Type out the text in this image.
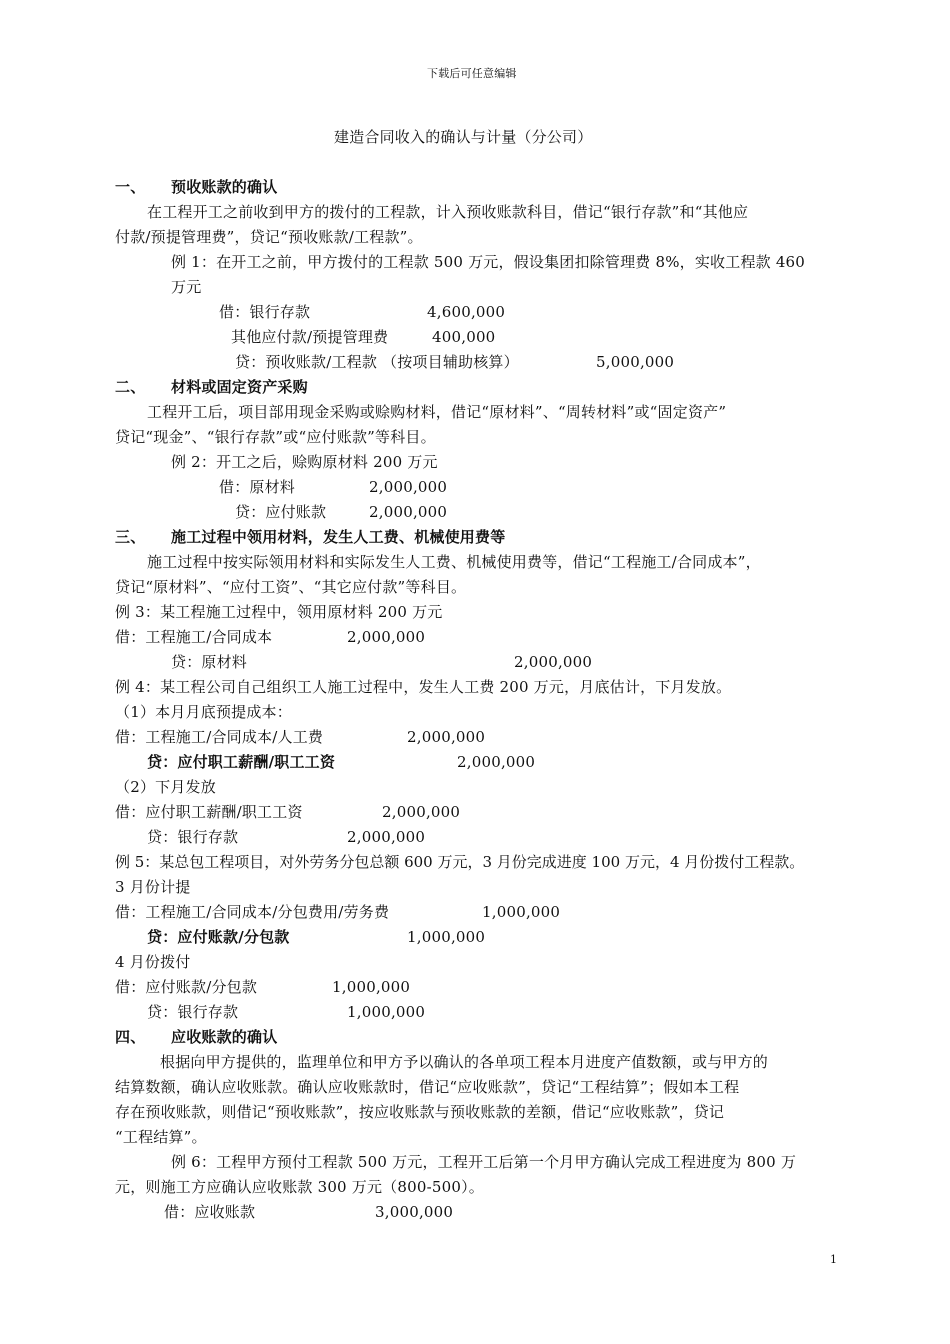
下载后可任意编辑
建造合同收入的确认与计量（分公司）
一、 预收账款的确认
在工程开工之前收到甲方的拨付的工程款，计入预收账款科目，借记“银行存款”和“其他应
付款/预提管理费”，贷记“预收账款/工程款”。
例 1：在开工之前，甲方拨付的工程款 500 万元，假设集团扣除管理费 8%，实收工程款 460
万元
借：银行存款	4,600,000
其他应付款/预提管理费	400,000
贷：预收账款/工程款 （按项目辅助核算）	5,000,000
二、 材料或固定资产采购
工程开工后，项目部用现金采购或赊购材料，借记“原材料”、“周转材料”或“固定资产”
贷记“现金”、“银行存款”或“应付账款”等科目。
例 2：开工之后，赊购原材料 200 万元
借：原材料	2,000,000
贷：应付账款	2,000,000
三、 施工过程中领用材料，发生人工费、机械使用费等
施工过程中按实际领用材料和实际发生人工费、机械使用费等，借记“工程施工/合同成本”，
贷记“原材料”、“应付工资”、“其它应付款”等科目。
例 3：某工程施工过程中，领用原材料 200 万元
借：工程施工/合同成本	2,000,000
贷：原材料	2,000,000
例 4：某工程公司自己组织工人施工过程中，发生人工费 200 万元，月底估计，下月发放。
（1）本月月底预提成本：
借：工程施工/合同成本/人工费	2,000,000
贷：应付职工薪酬/职工工资	2,000,000
（2）下月发放
借：应付职工薪酬/职工工资	2,000,000
贷：银行存款	2,000,000
例 5：某总包工程项目，对外劳务分包总额 600 万元，3 月份完成进度 100 万元，4 月份拨付工程款。
3 月份计提
借：工程施工/合同成本/分包费用/劳务费	1,000,000
贷：应付账款/分包款	1,000,000
4 月份拨付
借：应付账款/分包款	1,000,000
贷：银行存款	1,000,000
四、 应收账款的确认
根据向甲方提供的，监理单位和甲方予以确认的各单项工程本月进度产值数额，或与甲方的
结算数额，确认应收账款。确认应收账款时，借记“应收账款”，贷记“工程结算”；假如本工程
存在预收账款，则借记“预收账款”，按应收账款与预收账款的差额，借记“应收账款”，贷记
“工程结算”。
例 6：工程甲方预付工程款 500 万元，工程开工后第一个月甲方确认完成工程进度为 800 万
元，则施工方应确认应收账款 300 万元（800-500）。
借：应收账款	3,000,000
1
